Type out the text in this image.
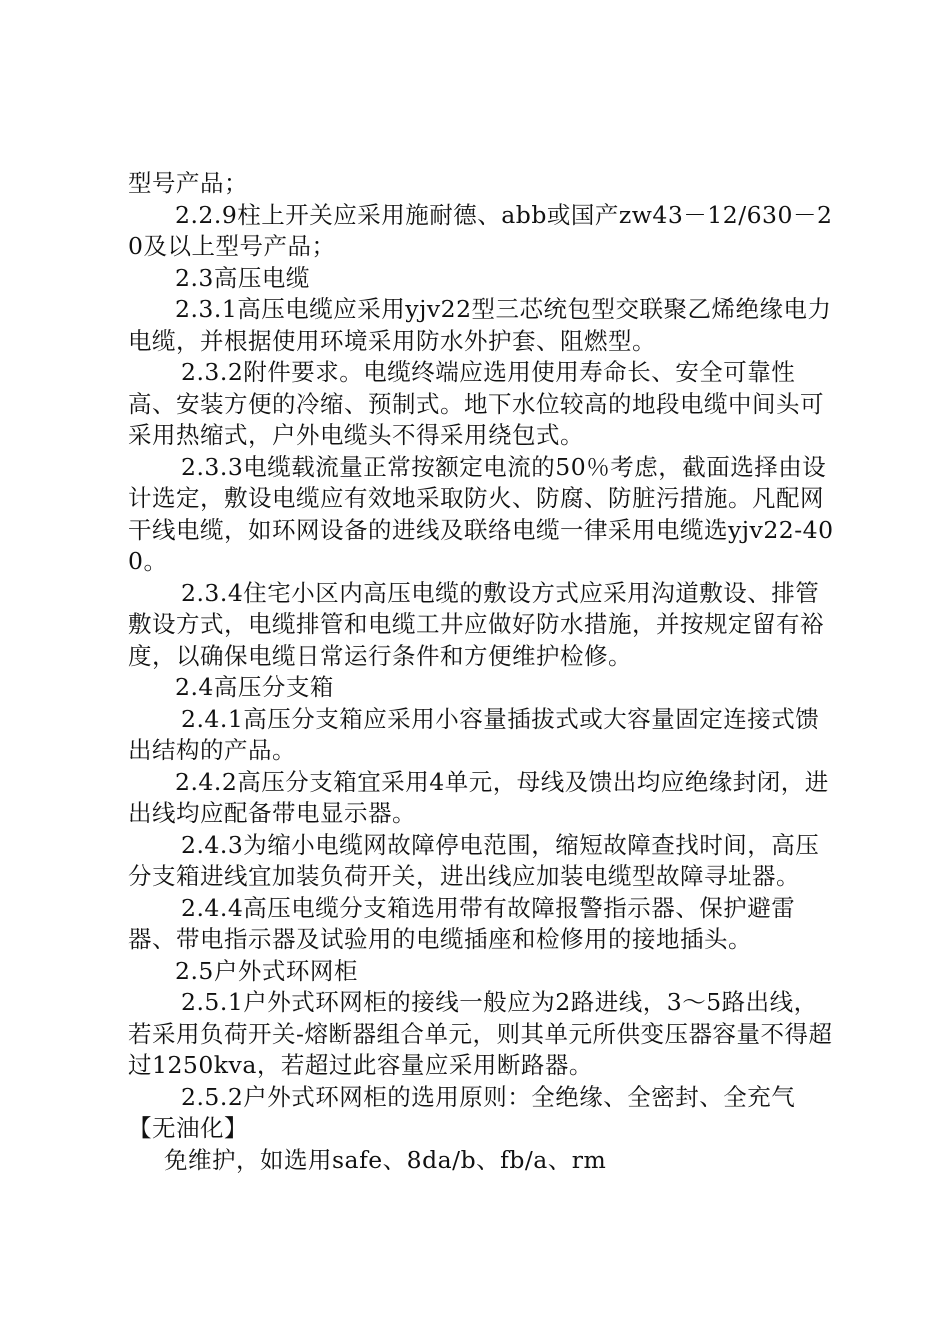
型号产品；

2.2.9柱上开关应采用施耐德、abb或国产zw43－12/630－20及以上型号产品；

2.3高压电缆

2.3.1高压电缆应采用yjv22型三芯统包型交联聚乙烯绝缘电力电缆，并根据使用环境采用防水外护套、阻燃型。

2.3.2附件要求。电缆终端应选用使用寿命长、安全可靠性高、安装方便的冷缩、预制式。地下水位较高的地段电缆中间头可采用热缩式，户外电缆头不得采用绕包式。

2.3.3电缆载流量正常按额定电流的50％考虑，截面选择由设计选定，敷设电缆应有效地采取防火、防腐、防脏污措施。凡配网干线电缆，如环网设备的进线及联络电缆一律采用电缆选yjv22-400。

2.3.4住宅小区内高压电缆的敷设方式应采用沟道敷设、排管敷设方式，电缆排管和电缆工井应做好防水措施，并按规定留有裕度，以确保电缆日常运行条件和方便维护检修。

2.4高压分支箱

2.4.1高压分支箱应采用小容量插拔式或大容量固定连接式馈出结构的产品。

2.4.2高压分支箱宜采用4单元，母线及馈出均应绝缘封闭，进出线均应配备带电显示器。

2.4.3为缩小电缆网故障停电范围，缩短故障查找时间，高压分支箱进线宜加装负荷开关，进出线应加装电缆型故障寻址器。

2.4.4高压电缆分支箱选用带有故障报警指示器、保护避雷器、带电指示器及试验用的电缆插座和检修用的接地插头。

2.5户外式环网柜

2.5.1户外式环网柜的接线一般应为2路进线，3～5路出线，若采用负荷开关-熔断器组合单元，则其单元所供变压器容量不得超过1250kva，若超过此容量应采用断路器。

2.5.2户外式环网柜的选用原则：全绝缘、全密封、全充气【无油化】

免维护，如选用safe、8da/b、fb/a、rm
